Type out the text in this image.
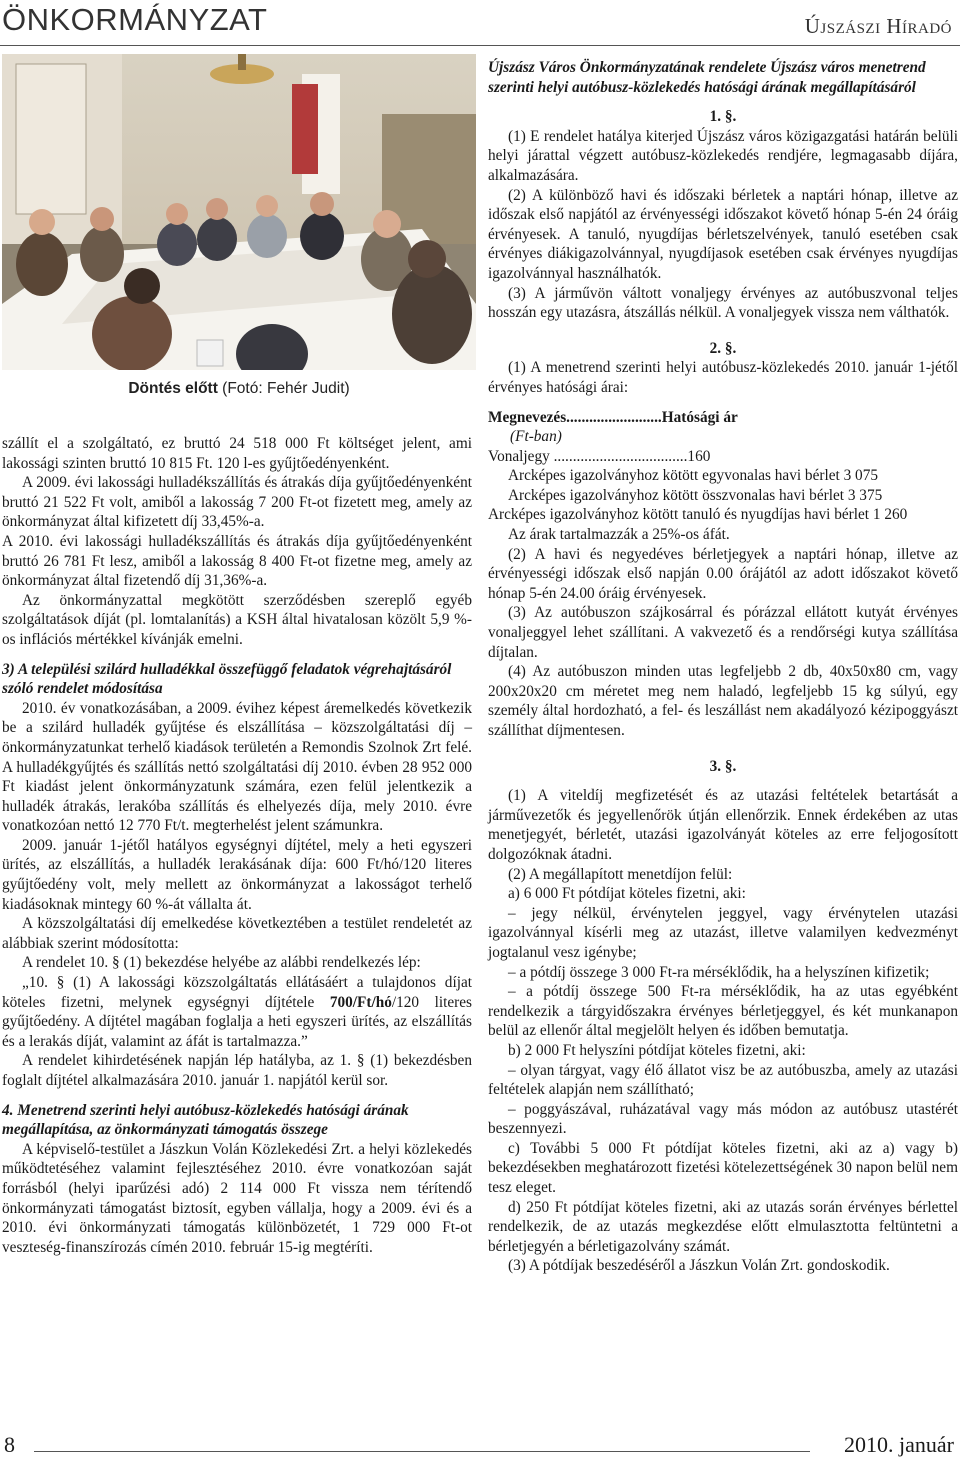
ÖNKORMÁNYZAT	Újszászi Híradó
Döntés előtt (Fotó: Fehér Judit)

szállít el a szolgáltató, ez bruttó 24 518 000 Ft költséget jelent, ami lakossági szinten bruttó 10 815 Ft. 120 l-es gyűjtőedényenként.

A 2009. évi lakossági hulladékszállítás és átrakás díja gyűjtőedényenként bruttó 21 522 Ft volt, amiből a lakosság 7 200 Ft-ot fizetett meg, amely az önkormányzat által kifizetett díj 33,45%-a.

A 2010. évi lakossági hulladékszállítás és átrakás díja gyűjtőedényenként bruttó 26 781 Ft lesz, amiből a lakosság 8 400 Ft-ot fizetne meg, amely az önkormányzat által fizetendő díj 31,36%-a.

Az önkormányzattal megkötött szerződésben szereplő egyéb szolgáltatások díját (pl. lomtalanítás) a KSH által hivatalosan közölt 5,9 %-os inflációs mértékkel kívánják emelni.

3) A települési szilárd hulladékkal összefüggő feladatok végrehajtásáról szóló rendelet módosítása

2010. év vonatkozásában, a 2009. évihez képest áremelkedés következik be a szilárd hulladék gyűjtése és elszállítása – közszolgáltatási díj – önkormányzatunkat terhelő kiadások területén a Remondis Szolnok Zrt felé. A hulladékgyűjtés és szállítás nettó szolgáltatási díj 2010. évben 28 952 000 Ft kiadást jelent önkormányzatunk számára, ezen felül jelentkezik a hulladék átrakás, lerakóba szállítás és elhelyezés díja, mely 2010. évre vonatkozóan nettó 12 770 Ft/t. megterhelést jelent számunkra.

2009. január 1-jétől hatályos egységnyi díjtétel, mely a heti egyszeri ürítés, az elszállítás, a hulladék lerakásának díja: 600 Ft/hó/120 literes gyűjtőedény volt, mely mellett az önkormányzat a lakosságot terhelő kiadásoknak mintegy 60 %-át vállalta át.

A közszolgáltatási díj emelkedése következtében a testület rendeletét az alábbiak szerint módosította:

A rendelet 10. § (1) bekezdése helyébe az alábbi rendelkezés lép:

„10. § (1) A lakossági közszolgáltatás ellátásáért a tulajdonos díjat köteles fizetni, melynek egységnyi díjtétele 700/Ft/hó/120 literes gyűjtőedény. A díjtétel magában foglalja a heti egyszeri ürítés, az elszállítás és a lerakás díját, valamint az áfát is tartalmazza.”

A rendelet kihirdetésének napján lép hatályba, az 1. § (1) bekezdésben foglalt díjtétel alkalmazására 2010. január 1. napjától kerül sor.

4. Menetrend szerinti helyi autóbusz-közlekedés hatósági árának megállapítása, az önkormányzati támogatás összege

A képviselő-testület a Jászkun Volán Közlekedési Zrt. a helyi közlekedés működtetéséhez valamint fejlesztéséhez 2010. évre vonatkozóan saját forrásból (helyi iparűzési adó) 2 114 000 Ft vissza nem térítendő önkormányzati támogatást biztosít, egyben vállalja, hogy a 2009. évi és a 2010. évi önkormányzati támogatás különbözetét, 1 729 000 Ft-ot veszteség-finanszírozás címén 2010. február 15-ig megtéríti.

Újszász Város Önkormányzatának rendelete Újszász város menetrend szerinti helyi autóbusz-közlekedés hatósági árának megállapításáról

1. §.

(1) E rendelet hatálya kiterjed Újszász város közigazgatási határán belüli helyi járattal végzett autóbusz-közlekedés rendjére, legmagasabb díjára, alkalmazására.

(2) A különböző havi és időszaki bérletek a naptári hónap, illetve az időszak első napjától az érvényességi időszakot követő hónap 5-én 24 óráig érvényesek. A tanuló, nyugdíjas bérletszelvények, tanuló esetében csak érvényes diákigazolvánnyal, nyugdíjasok esetében csak érvényes nyugdíjas igazolvánnyal használhatók.

(3) A járművön váltott vonaljegy érvényes az autóbuszvonal teljes hosszán egy utazásra, átszállás nélkül. A vonaljegyek vissza nem válthatók.

2. §.

(1) A menetrend szerinti helyi autóbusz-közlekedés 2010. január 1-jétől érvényes hatósági árai:

Megnevezés.........................Hatósági ár

(Ft-ban)

Vonaljegy ...................................160

Arcképes igazolványhoz kötött egyvonalas havi bérlet 3 075

Arcképes igazolványhoz kötött összvonalas havi bérlet 3 375

Arcképes igazolványhoz kötött tanuló és nyugdíjas havi bérlet 1 260

Az árak tartalmazzák a 25%-os áfát.

(2) A havi és negyedéves bérletjegyek a naptári hónap, illetve az érvényességi időszak első napján 0.00 órájától az adott időszakot követő hónap 5-én 24.00 óráig érvényesek.

(3) Az autóbuszon szájkosárral és pórázzal ellátott kutyát érvényes vonaljeggyel lehet szállítani. A vakvezető és a rendőrségi kutya szállítása díjtalan.

(4) Az autóbuszon minden utas legfeljebb 2 db, 40x50x80 cm, vagy 200x20x20 cm méretet meg nem haladó, legfeljebb 15 kg súlyú, egy személy által hordozható, a fel- és leszállást nem akadályozó kézipoggyászt szállíthat díjmentesen.

3. §.

(1) A viteldíj megfizetését és az utazási feltételek betartását a járművezetők és jegyellenőrök útján ellenőrzik. Ennek érdekében az utas menetjegyét, bérletét, utazási igazolványát köteles az erre feljogosított dolgozóknak átadni.

(2) A megállapított menetdíjon felül:

a) 6 000 Ft pótdíjat köteles fizetni, aki:

– jegy nélkül, érvénytelen jeggyel, vagy érvénytelen utazási igazolvánnyal kísérli meg az utazást, illetve valamilyen kedvezményt jogtalanul vesz igénybe;

– a pótdíj összege 3 000 Ft-ra mérséklődik, ha a helyszínen kifizetik;

– a pótdíj összege 500 Ft-ra mérséklődik, ha az utas egyébként rendelkezik a tárgyidőszakra érvényes bérletjeggyel, és két munkanapon belül az ellenőr által megjelölt helyen és időben bemutatja.

b) 2 000 Ft helyszíni pótdíjat köteles fizetni, aki:

– olyan tárgyat, vagy élő állatot visz be az autóbuszba, amely az utazási feltételek alapján nem szállítható;

– poggyászával, ruházatával vagy más módon az autóbusz utastérét beszennyezi.

c) További 5 000 Ft pótdíjat köteles fizetni, aki az a) vagy b) bekezdésekben meghatározott fizetési kötelezettségének 30 napon belül nem tesz eleget.

d) 250 Ft pótdíjat köteles fizetni, aki az utazás során érvényes bérlettel rendelkezik, de az utazás megkezdése előtt elmulasztotta feltüntetni a bérletjegyén a bérletigazolvány számát.

(3) A pótdíjak beszedéséről a Jászkun Volán Zrt. gondoskodik.

8	2010. január
